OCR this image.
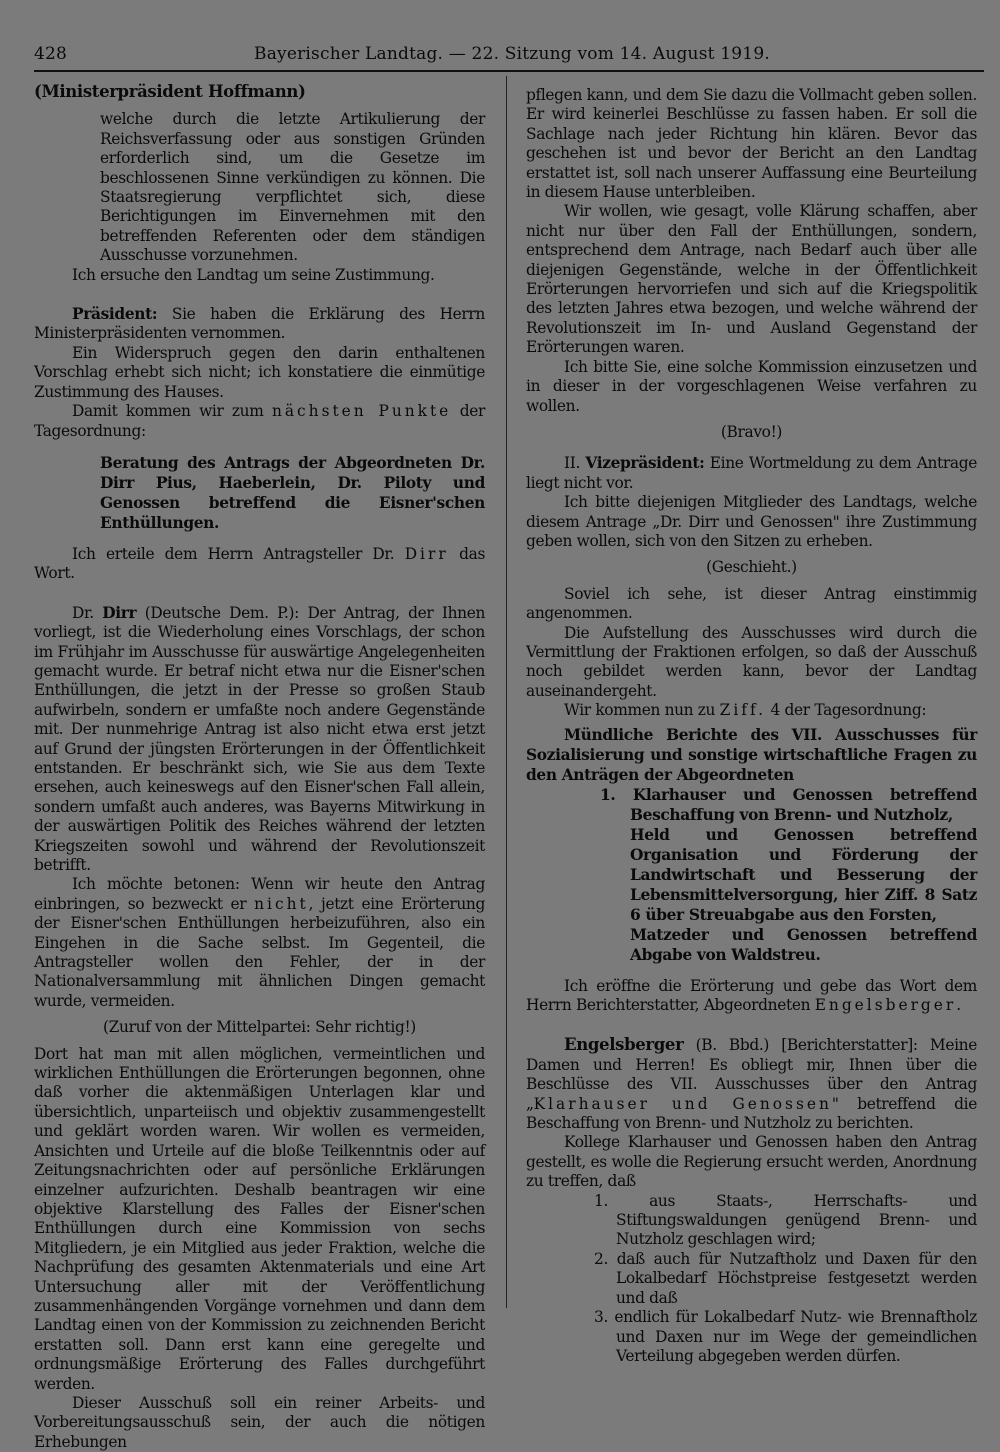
428	Bayerischer Landtag. — 22. Sitzung vom 14. August 1919.

(Ministerpräsident Hoffmann)

welche durch die letzte Artikulierung der Reichsverfassung oder aus sonstigen Gründen erforderlich sind, um die Gesetze im beschlossenen Sinne verkündigen zu können. Die Staatsregierung verpflichtet sich, diese Berichtigungen im Einvernehmen mit den betreffenden Referenten oder dem ständigen Ausschusse vorzunehmen.

Ich ersuche den Landtag um seine Zustimmung.

Präsident: Sie haben die Erklärung des Herrn Ministerpräsidenten vernommen.

Ein Widerspruch gegen den darin enthaltenen Vorschlag erhebt sich nicht; ich konstatiere die einmütige Zustimmung des Hauses.

Damit kommen wir zum nächsten Punkte der Tagesordnung:

Beratung des Antrags der Abgeordneten Dr. Dirr Pius, Haeberlein, Dr. Piloty und Genossen betreffend die Eisner'schen Enthüllungen.

Ich erteile dem Herrn Antragsteller Dr. Dirr das Wort.

Dr. Dirr (Deutsche Dem. P.): Der Antrag, der Ihnen vorliegt, ist die Wiederholung eines Vorschlags, der schon im Frühjahr im Ausschusse für auswärtige Angelegenheiten gemacht wurde. Er betraf nicht etwa nur die Eisner'schen Enthüllungen, die jetzt in der Presse so großen Staub aufwirbeln, sondern er umfaßte noch andere Gegenstände mit. Der nunmehrige Antrag ist also nicht etwa erst jetzt auf Grund der jüngsten Erörterungen in der Öffentlichkeit entstanden. Er beschränkt sich, wie Sie aus dem Texte ersehen, auch keineswegs auf den Eisner'schen Fall allein, sondern umfaßt auch anderes, was Bayerns Mitwirkung in der auswärtigen Politik des Reiches während der letzten Kriegszeiten sowohl und während der Revolutionszeit betrifft.

Ich möchte betonen: Wenn wir heute den Antrag einbringen, so bezweckt er nicht, jetzt eine Erörterung der Eisner'schen Enthüllungen herbeizuführen, also ein Eingehen in die Sache selbst. Im Gegenteil, die Antragsteller wollen den Fehler, der in der Nationalversammlung mit ähnlichen Dingen gemacht wurde, vermeiden.

(Zuruf von der Mittelpartei: Sehr richtig!)

Dort hat man mit allen möglichen, vermeintlichen und wirklichen Enthüllungen die Erörterungen begonnen, ohne daß vorher die aktenmäßigen Unterlagen klar und übersichtlich, unparteiisch und objektiv zusammengestellt und geklärt worden waren. Wir wollen es vermeiden, Ansichten und Urteile auf die bloße Teilkenntnis oder auf Zeitungsnachrichten oder auf persönliche Erklärungen einzelner aufzurichten. Deshalb beantragen wir eine objektive Klarstellung des Falles der Eisner'schen Enthüllungen durch eine Kommission von sechs Mitgliedern, je ein Mitglied aus jeder Fraktion, welche die Nachprüfung des gesamten Aktenmaterials und eine Art Untersuchung aller mit der Veröffentlichung zusammenhängenden Vorgänge vornehmen und dann dem Landtag einen von der Kommission zu zeichnenden Bericht erstatten soll. Dann erst kann eine geregelte und ordnungsmäßige Erörterung des Falles durchgeführt werden.

Dieser Ausschuß soll ein reiner Arbeits- und Vorbereitungsausschuß sein, der auch die nötigen Erhebungen

pflegen kann, und dem Sie dazu die Vollmacht geben sollen. Er wird keinerlei Beschlüsse zu fassen haben. Er soll die Sachlage nach jeder Richtung hin klären. Bevor das geschehen ist und bevor der Bericht an den Landtag erstattet ist, soll nach unserer Auffassung eine Beurteilung in diesem Hause unterbleiben.

Wir wollen, wie gesagt, volle Klärung schaffen, aber nicht nur über den Fall der Enthüllungen, sondern, entsprechend dem Antrage, nach Bedarf auch über alle diejenigen Gegenstände, welche in der Öffentlichkeit Erörterungen hervorriefen und sich auf die Kriegspolitik des letzten Jahres etwa bezogen, und welche während der Revolutionszeit im In- und Ausland Gegenstand der Erörterungen waren.

Ich bitte Sie, eine solche Kommission einzusetzen und in dieser in der vorgeschlagenen Weise verfahren zu wollen.

(Bravo!)

II. Vizepräsident: Eine Wortmeldung zu dem Antrage liegt nicht vor.

Ich bitte diejenigen Mitglieder des Landtags, welche diesem Antrage „Dr. Dirr und Genossen" ihre Zustimmung geben wollen, sich von den Sitzen zu erheben.

(Geschieht.)

Soviel ich sehe, ist dieser Antrag einstimmig angenommen.

Die Aufstellung des Ausschusses wird durch die Vermittlung der Fraktionen erfolgen, so daß der Ausschuß noch gebildet werden kann, bevor der Landtag auseinandergeht.

Wir kommen nun zu Ziff. 4 der Tagesordnung:

Mündliche Berichte des VII. Ausschusses für Sozialisierung und sonstige wirtschaftliche Fragen zu den Anträgen der Abgeordneten

1. Klarhauser und Genossen betreffend Beschaffung von Brenn- und Nutzholz,

Held und Genossen betreffend Organisation und Förderung der Landwirtschaft und Besserung der Lebensmittelversorgung, hier Ziff. 8 Satz 6 über Streuabgabe aus den Forsten,

Matzeder und Genossen betreffend Abgabe von Waldstreu.

Ich eröffne die Erörterung und gebe das Wort dem Herrn Berichterstatter, Abgeordneten Engelsberger.

Engelsberger (B. Bbd.) [Berichterstatter]: Meine Damen und Herren! Es obliegt mir, Ihnen über die Beschlüsse des VII. Ausschusses über den Antrag „Klarhauser und Genossen" betreffend die Beschaffung von Brenn- und Nutzholz zu berichten.

Kollege Klarhauser und Genossen haben den Antrag gestellt, es wolle die Regierung ersucht werden, Anordnung zu treffen, daß

1. aus Staats-, Herrschafts- und Stiftungswaldungen genügend Brenn- und Nutzholz geschlagen wird;

2. daß auch für Nutzaftholz und Daxen für den Lokalbedarf Höchstpreise festgesetzt werden und daß

3. endlich für Lokalbedarf Nutz- wie Brennaftholz und Daxen nur im Wege der gemeindlichen Verteilung abgegeben werden dürfen.
